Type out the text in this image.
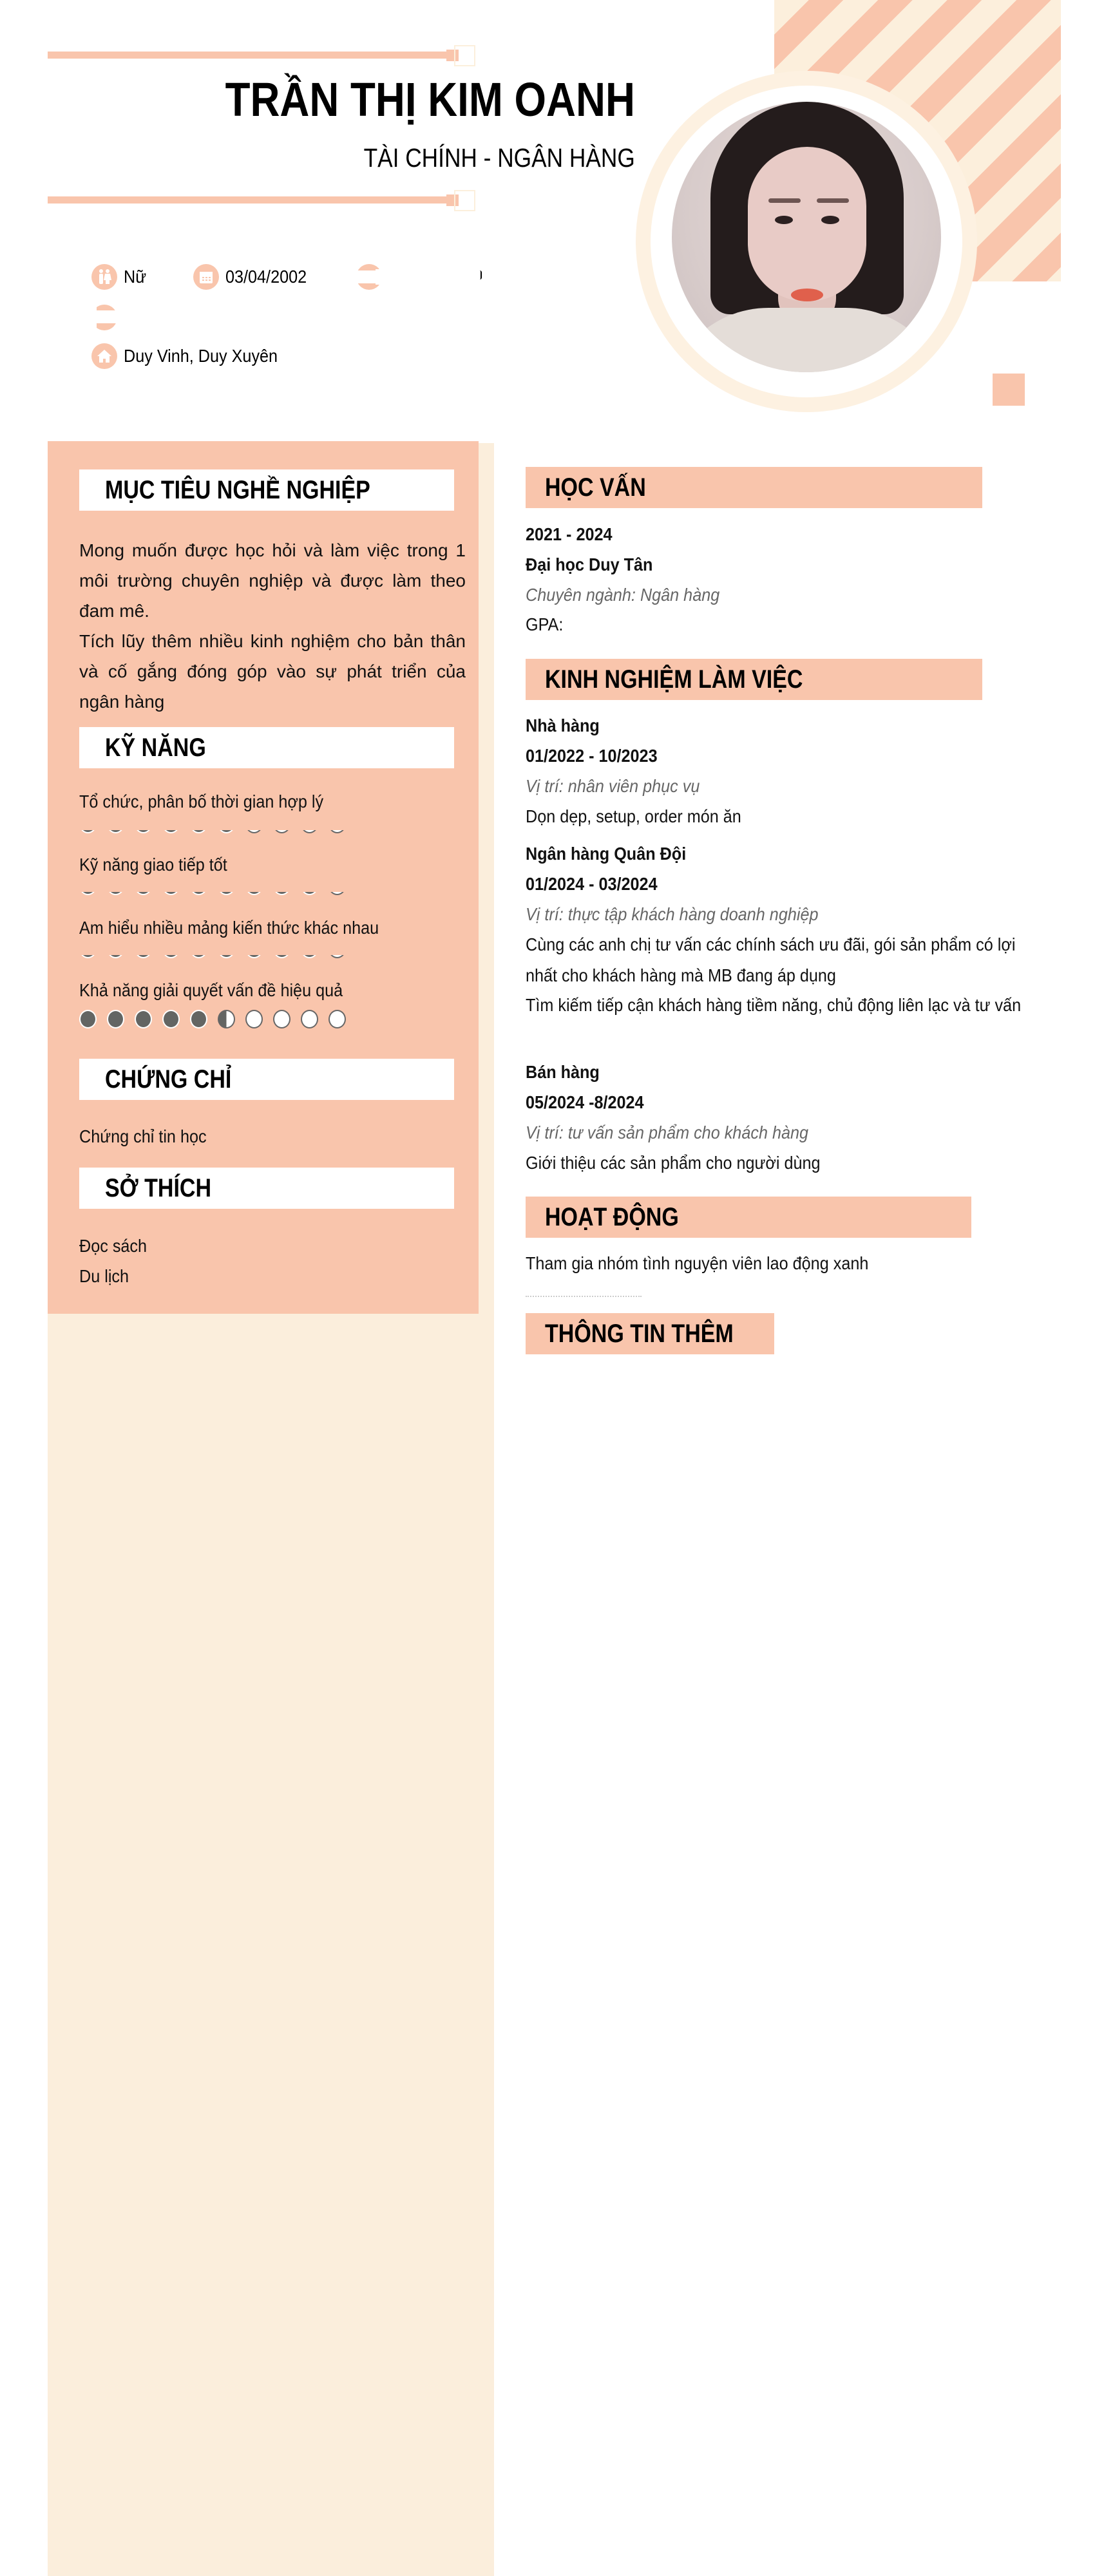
TRẦN THỊ KIM OANH
TÀI CHÍNH - NGÂN HÀNG
Nữ	03/04/2002
Duy Vinh, Duy Xuyên
MỤC TIÊU NGHỀ NGHIỆP
Mong muốn được học hỏi và làm việc trong 1 môi trường chuyên nghiệp và được làm theo đam mê.
Tích lũy thêm nhiều kinh nghiệm cho bản thân và cố gắng đóng góp vào sự phát triển của ngân hàng
KỸ NĂNG
Tổ chức, phân bố thời gian hợp lý
Kỹ năng giao tiếp tốt
Am hiểu nhiều mảng kiến thức khác nhau
Khả năng giải quyết vấn đề hiệu quả
CHỨNG CHỈ
Chứng chỉ tin học
SỞ THÍCH
Đọc sách
Du lịch
HỌC VẤN
2021 - 2024
Đại học Duy Tân
Chuyên ngành: Ngân hàng
GPA:
KINH NGHIỆM LÀM VIỆC
Nhà hàng
01/2022 - 10/2023
Vị trí: nhân viên phục vụ
Dọn dẹp, setup, order món ăn
Ngân hàng Quân Đội
01/2024 - 03/2024
Vị trí: thực tập khách hàng doanh nghiệp
Cùng các anh chị tư vấn các chính sách ưu đãi, gói sản phẩm có lợi nhất cho khách hàng mà MB đang áp dụng
Tìm kiếm tiếp cận khách hàng tiềm năng, chủ động liên lạc và tư vấn
Bán hàng
05/2024 -8/2024
Vị trí: tư vấn sản phẩm cho khách hàng
Giới thiệu các sản phẩm cho người dùng
HOẠT ĐỘNG
Tham gia nhóm tình nguyện viên lao động xanh
THÔNG TIN THÊM
